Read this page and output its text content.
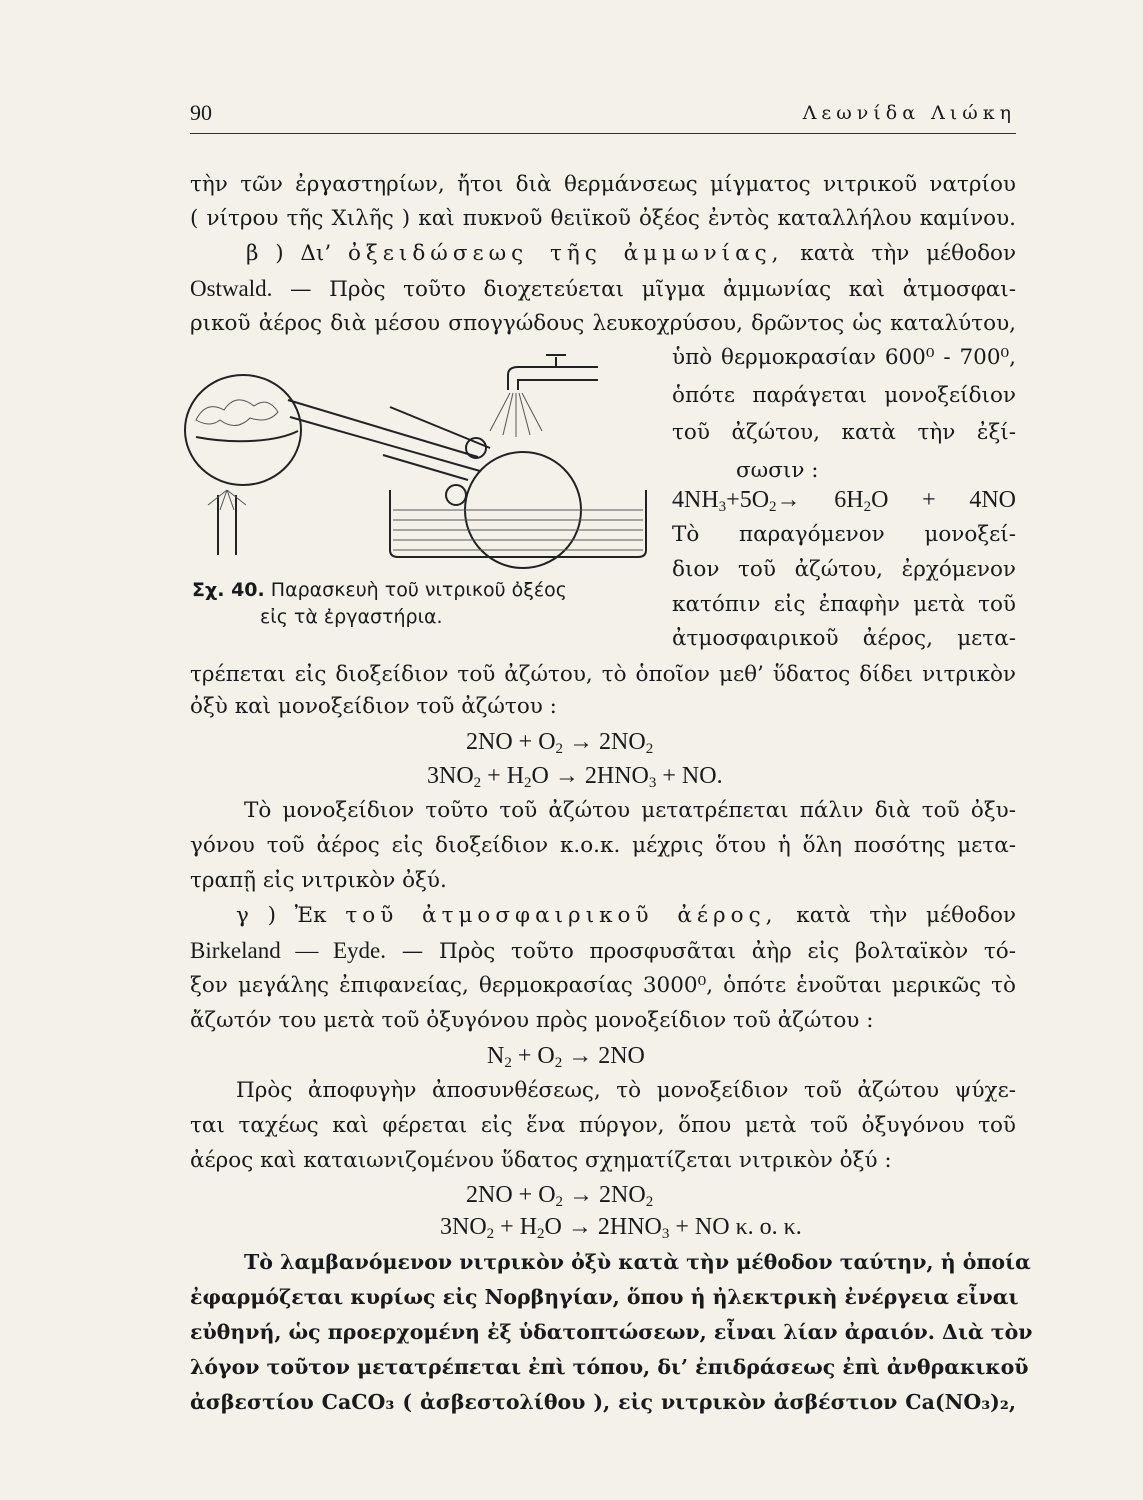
90	Λεωνίδα Λιώκη
τὴν τῶν ἐργαστηρίων, ἤτοι διὰ θερμάνσεως μίγματος νιτρικοῦ νατρίου
( νίτρου τῆς Χιλῆς ) καὶ πυκνοῦ θειϊκοῦ ὀξέος ἐντὸς καταλλήλου καμίνου.
β ) Δι’ ὀξειδώσεως τῆς ἀμμωνίας, κατὰ τὴν μέθοδον
Ostwald. — Πρὸς τοῦτο διοχετεύεται μῖγμα ἀμμωνίας καὶ ἀτμοσφαι-
ρικοῦ ἀέρος διὰ μέσου σπογγώδους λευκοχρύσου, δρῶντος ὡς καταλύτου,
Σχ. 40. Παρασκευὴ τοῦ νιτρικοῦ ὀξέος
εἰς τὰ ἐργαστήρια.
ὑπὸ θερμοκρασίαν 600⁰ - 700⁰,
ὁπότε παράγεται μονοξείδιον
τοῦ ἀζώτου, κατὰ τὴν ἐξί-
σωσιν :
$4NH_3+5O_2\to 6H_2O + 4NO$
Τὸ παραγόμενον μονοξεί-
διον τοῦ ἀζώτου, ἐρχόμενον
κατόπιν εἰς ἐπαφὴν μετὰ τοῦ
ἀτμοσφαιρικοῦ ἀέρος, μετα-
τρέπεται εἰς διοξείδιον τοῦ ἀζώτου, τὸ ὁποῖον μεθ’ ὕδατος δίδει νιτρικὸν
ὀξὺ καὶ μονοξείδιον τοῦ ἀζώτου :
$2NO + O_2 \to 2NO_2$
$3NO_2 + H_2O \to 2HNO_3$ + NO.
Τὸ μονοξείδιον τοῦτο τοῦ ἀζώτου μετατρέπεται πάλιν διὰ τοῦ ὀξυ-
γόνου τοῦ ἀέρος εἰς διοξείδιον κ.ο.κ. μέχρις ὅτου ἡ ὅλη ποσότης μετα-
τραπῇ εἰς νιτρικὸν ὀξύ.
γ ) Ἐκ τοῦ ἀτμοσφαιρικοῦ ἀέρος, κατὰ τὴν μέθοδον
Birkeland — Eyde. — Πρὸς τοῦτο προσφυσᾶται ἀὴρ εἰς βολταϊκὸν τό-
ξον μεγάλης ἐπιφανείας, θερμοκρασίας 3000⁰, ὁπότε ἑνοῦται μερικῶς τὸ
ἄζωτόν του μετὰ τοῦ ὀξυγόνου πρὸς μονοξείδιον τοῦ ἀζώτου :
$N_2 + O_2 \to 2NO$
Πρὸς ἀποφυγὴν ἀποσυνθέσεως, τὸ μονοξείδιον τοῦ ἀζώτου ψύχε-
ται ταχέως καὶ φέρεται εἰς ἕνα πύργον, ὅπου μετὰ τοῦ ὀξυγόνου τοῦ
ἀέρος καὶ καταιωνιζομένου ὕδατος σχηματίζεται νιτρικὸν ὀξύ :
$2NO + O_2 \to 2NO_2$
$3NO_2 + H_2O \to 2HNO_3$ + NO κ. ο. κ.
Τὸ λαμβανόμενον νιτρικὸν ὀξὺ κατὰ τὴν μέθοδον ταύτην, ἡ ὁποία
ἐφαρμόζεται κυρίως εἰς Νορβηγίαν, ὅπου ἡ ἠλεκτρικὴ ἐνέργεια εἶναι
εὐθηνή, ὡς προερχομένη ἐξ ὑδατοπτώσεων, εἶναι λίαν ἀραιόν. Διὰ τὸν
λόγον τοῦτον μετατρέπεται ἐπὶ τόπου, δι’ ἐπιδράσεως ἐπὶ ἀνθρακικοῦ
ἀσβεστίου CaCO₃ ( ἀσβεστολίθου ), εἰς νιτρικὸν ἀσβέστιον Ca(NO₃)₂,
